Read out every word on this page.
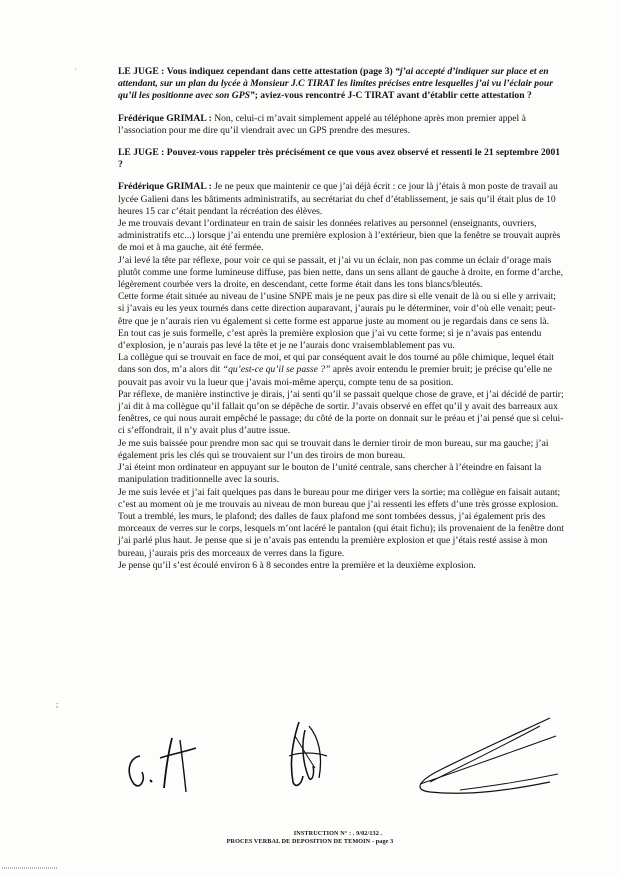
˙
;
LE JUGE : Vous indiquez cependant dans cette attestation (page 3) “j’ai accepté d’indiquer sur place et en attendant, sur un plan du lycée à Monsieur J.C TIRAT les limites précises entre lesquelles j’ai vu l’éclair pour qu’il les positionne avec son GPS”; aviez-vous rencontré J-C TIRAT avant d’établir cette attestation ?
Frédérique GRIMAL : Non, celui-ci m’avait simplement appelé au téléphone après mon premier appel à l’association pour me dire qu’il viendrait avec un GPS prendre des mesures.
LE JUGE : Pouvez-vous rappeler très précisément ce que vous avez observé et ressenti le 21 septembre 2001 ?

Frédérique GRIMAL : Je ne peux que maintenir ce que j’ai déjà écrit : ce jour là j’étais à mon poste de travail au lycée Galieni dans les bâtiments administratifs, au secrétariat du chef d’établissement, je sais qu’il était plus de 10 heures 15 car c’était pendant la récréation des élèves.

Je me trouvais devant l’ordinateur en train de saisir les données relatives au personnel (enseignants, ouvriers, administratifs etc...) lorsque j’ai entendu une première explosion à l’extérieur, bien que la fenêtre se trouvait auprès de moi et à ma gauche, ait été fermée.

J’ai levé la tête par réflexe, pour voir ce qui se passait, et j’ai vu un éclair, non pas comme un éclair d’orage mais plutôt comme une forme lumineuse diffuse, pas bien nette, dans un sens allant de gauche à droite, en forme d’arche, légèrement courbée vers la droite, en descendant, cette forme était dans les tons blancs/bleutés.

Cette forme était située au niveau de l’usine SNPE mais je ne peux pas dire si elle venait de là ou si elle y arrivait; si j’avais eu les yeux tournés dans cette direction auparavant, j’aurais pu le déterminer, voir d’où elle venait; peut-être que je n’aurais rien vu également si cette forme est apparue juste au moment ou je regardais dans ce sens là.

En tout cas je suis formelle, c’est après la première explosion que j’ai vu cette forme; si je n’avais pas entendu d’explosion, je n’aurais pas levé la tête et je ne l’aurais donc vraisemblablement pas vu.

La collègue qui se trouvait en face de moi, et qui par conséquent avait le dos tourné au pôle chimique, lequel était dans son dos, m’a alors dit “qu’est-ce qu’il se passe ?” après avoir entendu le premier bruit; je précise qu’elle ne pouvait pas avoir vu la lueur que j’avais moi-même aperçu, compte tenu de sa position.

Par réflexe, de manière instinctive je dirais, j’ai senti qu’il se passait quelque chose de grave, et j’ai décidé de partir; j’ai dit à ma collègue qu’il fallait qu’on se dépêche de sortir. J’avais observé en effet qu’il y avait des barreaux aux fenêtres, ce qui nous aurait empêché le passage; du côté de la porte on donnait sur le préau et j’ai pensé que si celui-ci s’effondrait, il n’y avait plus d’autre issue.

Je me suis baissée pour prendre mon sac qui se trouvait dans le dernier tiroir de mon bureau, sur ma gauche; j’ai également pris les clés qui se trouvaient sur l’un des tiroirs de mon bureau.

J’ai éteint mon ordinateur en appuyant sur le bouton de l’unité centrale, sans chercher à l’éteindre en faisant la manipulation traditionnelle avec la souris.

Je me suis levée et j’ai fait quelques pas dans le bureau pour me diriger vers la sortie; ma collègue en faisait autant; c’est au moment où je me trouvais au niveau de mon bureau que j’ai ressenti les effets d’une très grosse explosion. Tout a tremblé, les murs, le plafond; des dalles de faux plafond me sont tombées dessus, j’ai également pris des morceaux de verres sur le corps, lesquels m’ont lacéré le pantalon (qui était fichu); ils provenaient de la fenêtre dont j’ai parlé plus haut. Je pense que si je n’avais pas entendu la première explosion et que j’étais resté assise à mon bureau, j’aurais pris des morceaux de verres dans la figure.

Je pense qu’il s’est écoulé environ 6 à 8 secondes entre la première et la deuxième explosion.

INSTRUCTION N° : . 9/02/132 .
PROCES VERBAL DE DEPOSITION DE TEMOIN - page 3
